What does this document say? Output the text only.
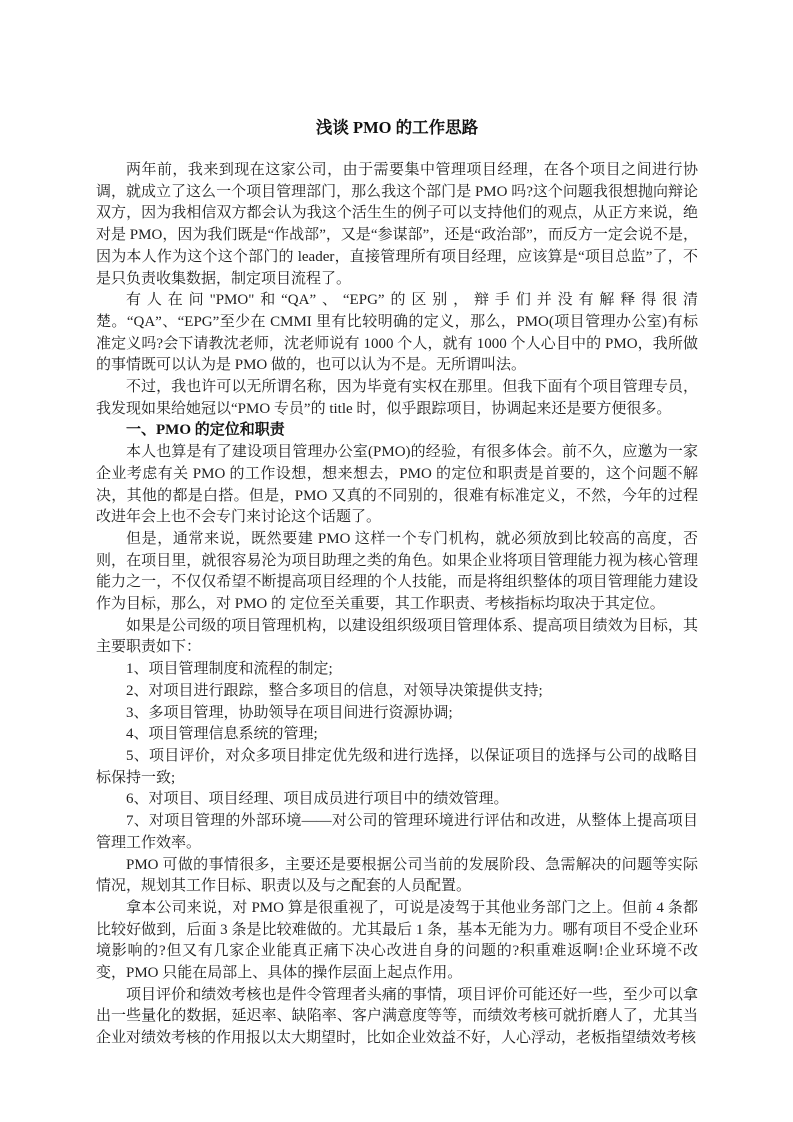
浅谈 PMO 的工作思路

两年前，我来到现在这家公司，由于需要集中管理项目经理，在各个项目之间进行协调，就成立了这么一个项目管理部门，那么我这个部门是 PMO 吗?这个问题我很想抛向辩论双方，因为我相信双方都会认为我这个活生生的例子可以支持他们的观点，从正方来说，绝对是 PMO，因为我们既是“作战部”，又是“参谋部”，还是“政治部”，而反方一定会说不是，因为本人作为这个这个部门的 leader，直接管理所有项目经理，应该算是“项目总监”了，不是只负责收集数据，制定项目流程了。

有人在问"PMO"和“QA”、“EPG”的区别，辩手们并没有解释得很清楚。“QA”、“EPG”至少在 CMMI 里有比较明确的定义，那么，PMO(项目管理办公室)有标准定义吗?会下请教沈老师，沈老师说有 1000 个人，就有 1000 个人心目中的 PMO，我所做的事情既可以认为是 PMO 做的，也可以认为不是。无所谓叫法。

不过，我也许可以无所谓名称，因为毕竟有实权在那里。但我下面有个项目管理专员，我发现如果给她冠以“PMO 专员”的 title 时，似乎跟踪项目，协调起来还是要方便很多。

一、PMO 的定位和职责

本人也算是有了建设项目管理办公室(PMO)的经验，有很多体会。前不久，应邀为一家企业考虑有关 PMO 的工作设想，想来想去，PMO 的定位和职责是首要的，这个问题不解决，其他的都是白搭。但是，PMO 又真的不同别的，很难有标准定义，不然，今年的过程改进年会上也不会专门来讨论这个话题了。

但是，通常来说，既然要建 PMO 这样一个专门机构，就必须放到比较高的高度，否则，在项目里，就很容易沦为项目助理之类的角色。如果企业将项目管理能力视为核心管理能力之一，不仅仅希望不断提高项目经理的个人技能，而是将组织整体的项目管理能力建设作为目标，那么，对 PMO 的 定位至关重要，其工作职责、考核指标均取决于其定位。

如果是公司级的项目管理机构，以建设组织级项目管理体系、提高项目绩效为目标，其主要职责如下：

1、项目管理制度和流程的制定;

2、对项目进行跟踪，整合多项目的信息，对领导决策提供支持;

3、多项目管理，协助领导在项目间进行资源协调;

4、项目管理信息系统的管理;

5、项目评价，对众多项目排定优先级和进行选择，以保证项目的选择与公司的战略目标保持一致;

6、对项目、项目经理、项目成员进行项目中的绩效管理。

7、对项目管理的外部环境——对公司的管理环境进行评估和改进，从整体上提高项目管理工作效率。

PMO 可做的事情很多，主要还是要根据公司当前的发展阶段、急需解决的问题等实际情况，规划其工作目标、职责以及与之配套的人员配置。

拿本公司来说，对 PMO 算是很重视了，可说是凌驾于其他业务部门之上。但前 4 条都比较好做到，后面 3 条是比较难做的。尤其最后 1 条，基本无能为力。哪有项目不受企业环境影响的?但又有几家企业能真正痛下决心改进自身的问题的?积重难返啊!企业环境不改变，PMO 只能在局部上、具体的操作层面上起点作用。

项目评价和绩效考核也是件令管理者头痛的事情，项目评价可能还好一些，至少可以拿出一些量化的数据，延迟率、缺陷率、客户满意度等等，而绩效考核可就折磨人了，尤其当企业对绩效考核的作用报以太大期望时，比如企业效益不好，人心浮动，老板指望绩效考核
